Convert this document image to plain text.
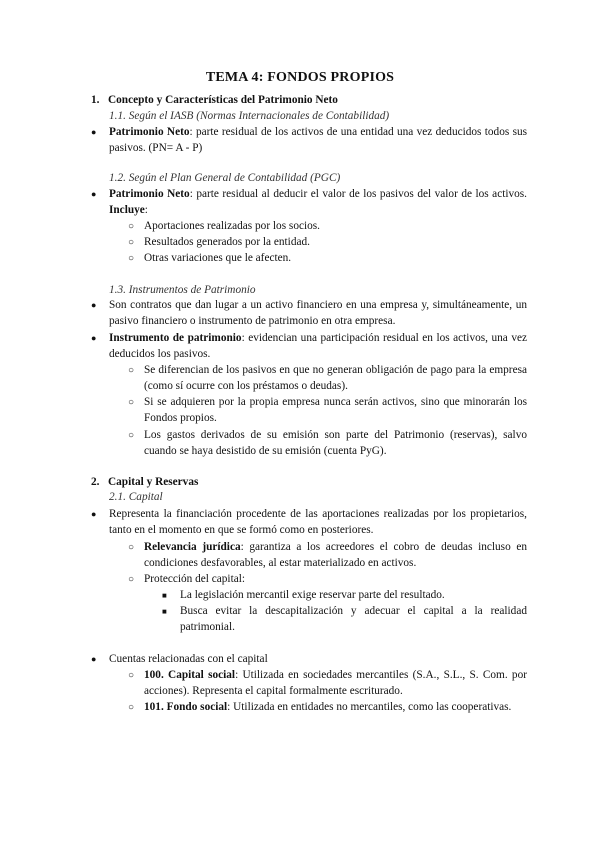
TEMA 4: FONDOS PROPIOS
1. Concepto y Características del Patrimonio Neto
1.1. Según el IASB (Normas Internacionales de Contabilidad)
● Patrimonio Neto: parte residual de los activos de una entidad una vez deducidos todos sus pasivos. (PN= A - P)
1.2. Según el Plan General de Contabilidad (PGC)
● Patrimonio Neto: parte residual al deducir el valor de los pasivos del valor de los activos. Incluye:
○ Aportaciones realizadas por los socios.
○ Resultados generados por la entidad.
○ Otras variaciones que le afecten.
1.3. Instrumentos de Patrimonio
● Son contratos que dan lugar a un activo financiero en una empresa y, simultáneamente, un pasivo financiero o instrumento de patrimonio en otra empresa.
● Instrumento de patrimonio: evidencian una participación residual en los activos, una vez deducidos los pasivos.
○ Se diferencian de los pasivos en que no generan obligación de pago para la empresa (como sí ocurre con los préstamos o deudas).
○ Si se adquieren por la propia empresa nunca serán activos, sino que minorarán los Fondos propios.
○ Los gastos derivados de su emisión son parte del Patrimonio (reservas), salvo cuando se haya desistido de su emisión (cuenta PyG).
2. Capital y Reservas
2.1. Capital
● Representa la financiación procedente de las aportaciones realizadas por los propietarios, tanto en el momento en que se formó como en posteriores.
○ Relevancia jurídica: garantiza a los acreedores el cobro de deudas incluso en condiciones desfavorables, al estar materializado en activos.
○ Protección del capital:
■ La legislación mercantil exige reservar parte del resultado.
■ Busca evitar la descapitalización y adecuar el capital a la realidad patrimonial.
● Cuentas relacionadas con el capital
○ 100. Capital social: Utilizada en sociedades mercantiles (S.A., S.L., S. Com. por acciones). Representa el capital formalmente escriturado.
○ 101. Fondo social: Utilizada en entidades no mercantiles, como las cooperativas.
